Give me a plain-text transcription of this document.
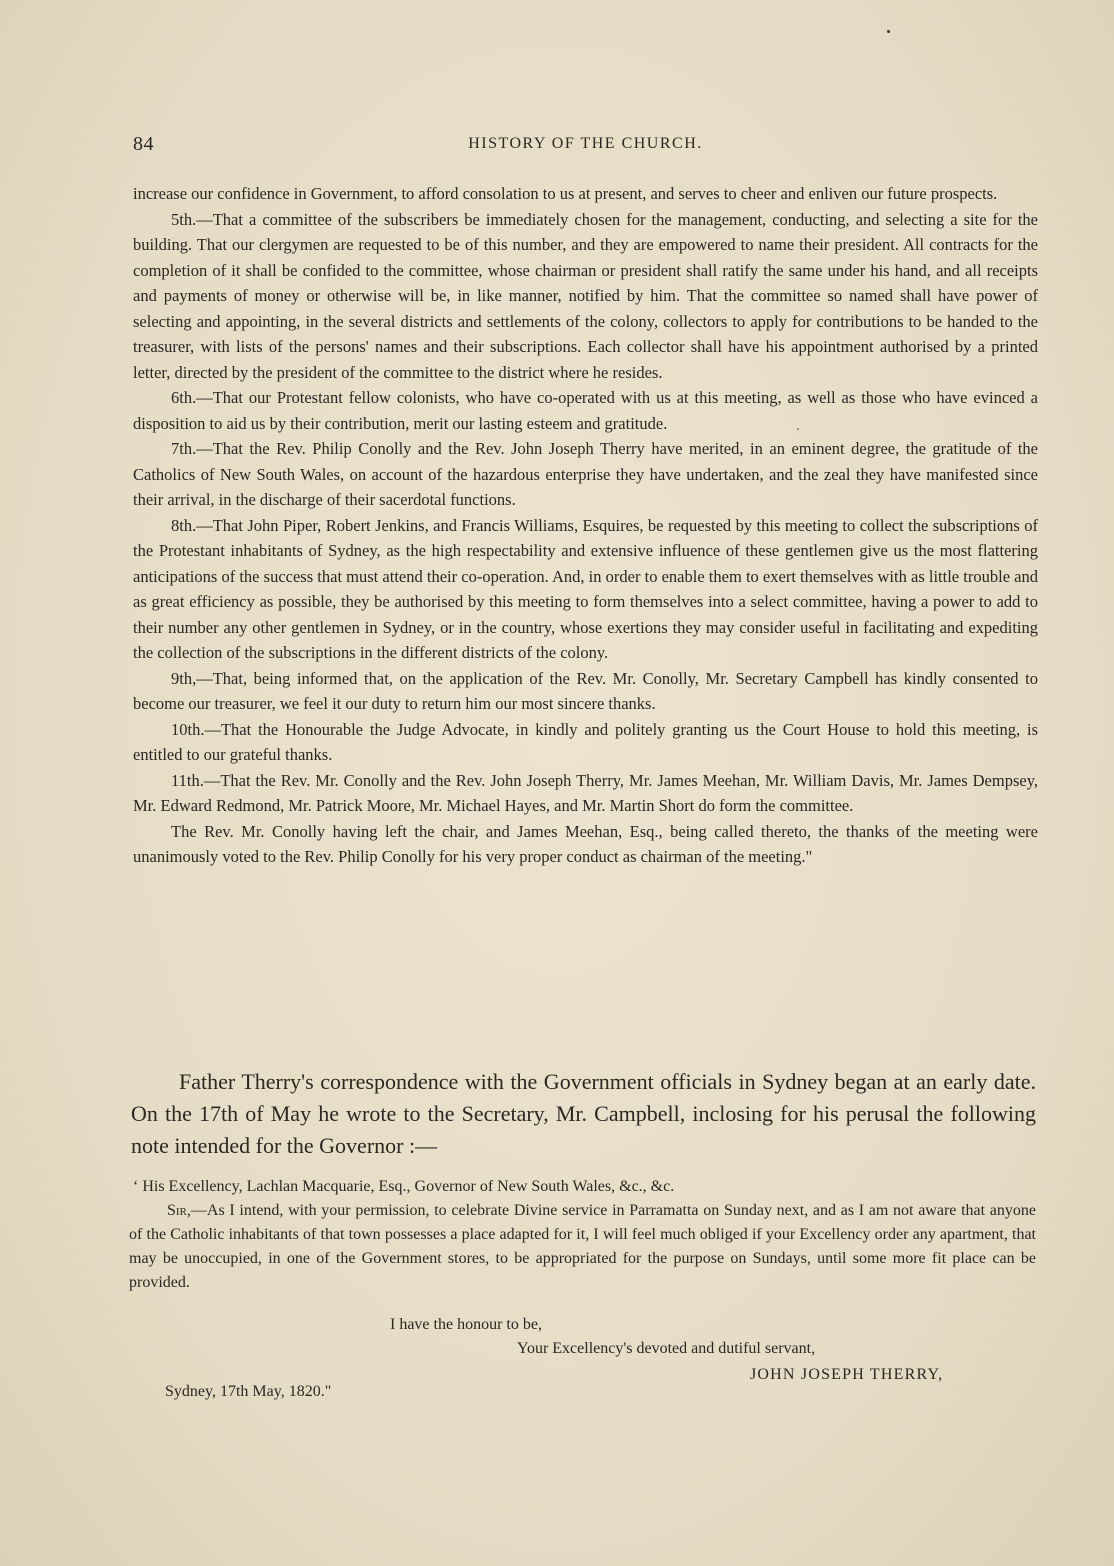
84	HISTORY OF THE CHURCH.

increase our confidence in Government, to afford consolation to us at present, and serves to cheer and enliven our future prospects.

5th.—That a committee of the subscribers be immediately chosen for the management, conducting, and selecting a site for the building. That our clergymen are requested to be of this number, and they are empowered to name their president. All contracts for the completion of it shall be confided to the committee, whose chairman or president shall ratify the same under his hand, and all receipts and payments of money or otherwise will be, in like manner, notified by him. That the committee so named shall have power of selecting and appointing, in the several districts and settlements of the colony, collectors to apply for contributions to be handed to the treasurer, with lists of the persons' names and their subscriptions. Each collector shall have his appointment authorised by a printed letter, directed by the president of the committee to the district where he resides.

6th.—That our Protestant fellow colonists, who have co-operated with us at this meeting, as well as those who have evinced a disposition to aid us by their contribution, merit our lasting esteem and gratitude.

7th.—That the Rev. Philip Conolly and the Rev. John Joseph Therry have merited, in an eminent degree, the gratitude of the Catholics of New South Wales, on account of the hazardous enterprise they have undertaken, and the zeal they have manifested since their arrival, in the discharge of their sacerdotal functions.

8th.—That John Piper, Robert Jenkins, and Francis Williams, Esquires, be requested by this meeting to collect the subscriptions of the Protestant inhabitants of Sydney, as the high respectability and extensive influence of these gentlemen give us the most flattering anticipations of the success that must attend their co-operation. And, in order to enable them to exert themselves with as little trouble and as great efficiency as possible, they be authorised by this meeting to form themselves into a select committee, having a power to add to their number any other gentlemen in Sydney, or in the country, whose exertions they may consider useful in facilitating and expediting the collection of the subscriptions in the different districts of the colony.

9th,—That, being informed that, on the application of the Rev. Mr. Conolly, Mr. Secretary Campbell has kindly consented to become our treasurer, we feel it our duty to return him our most sincere thanks.

10th.—That the Honourable the Judge Advocate, in kindly and politely granting us the Court House to hold this meeting, is entitled to our grateful thanks.

11th.—That the Rev. Mr. Conolly and the Rev. John Joseph Therry, Mr. James Meehan, Mr. William Davis, Mr. James Dempsey, Mr. Edward Redmond, Mr. Patrick Moore, Mr. Michael Hayes, and Mr. Martin Short do form the committee.

The Rev. Mr. Conolly having left the chair, and James Meehan, Esq., being called thereto, the thanks of the meeting were unanimously voted to the Rev. Philip Conolly for his very proper conduct as chairman of the meeting."

Father Therry's correspondence with the Government officials in Sydney began at an early date. On the 17th of May he wrote to the Secretary, Mr. Campbell, inclosing for his perusal the following note intended for the Governor :—

‘ His Excellency, Lachlan Macquarie, Esq., Governor of New South Wales, &c., &c.

Sir,—As I intend, with your permission, to celebrate Divine service in Parramatta on Sunday next, and as I am not aware that anyone of the Catholic inhabitants of that town possesses a place adapted for it, I will feel much obliged if your Excellency order any apartment, that may be unoccupied, in one of the Government stores, to be appropriated for the purpose on Sundays, until some more fit place can be provided.

I have the honour to be,
Your Excellency's devoted and dutiful servant,
JOHN JOSEPH THERRY,
Sydney, 17th May, 1820."
